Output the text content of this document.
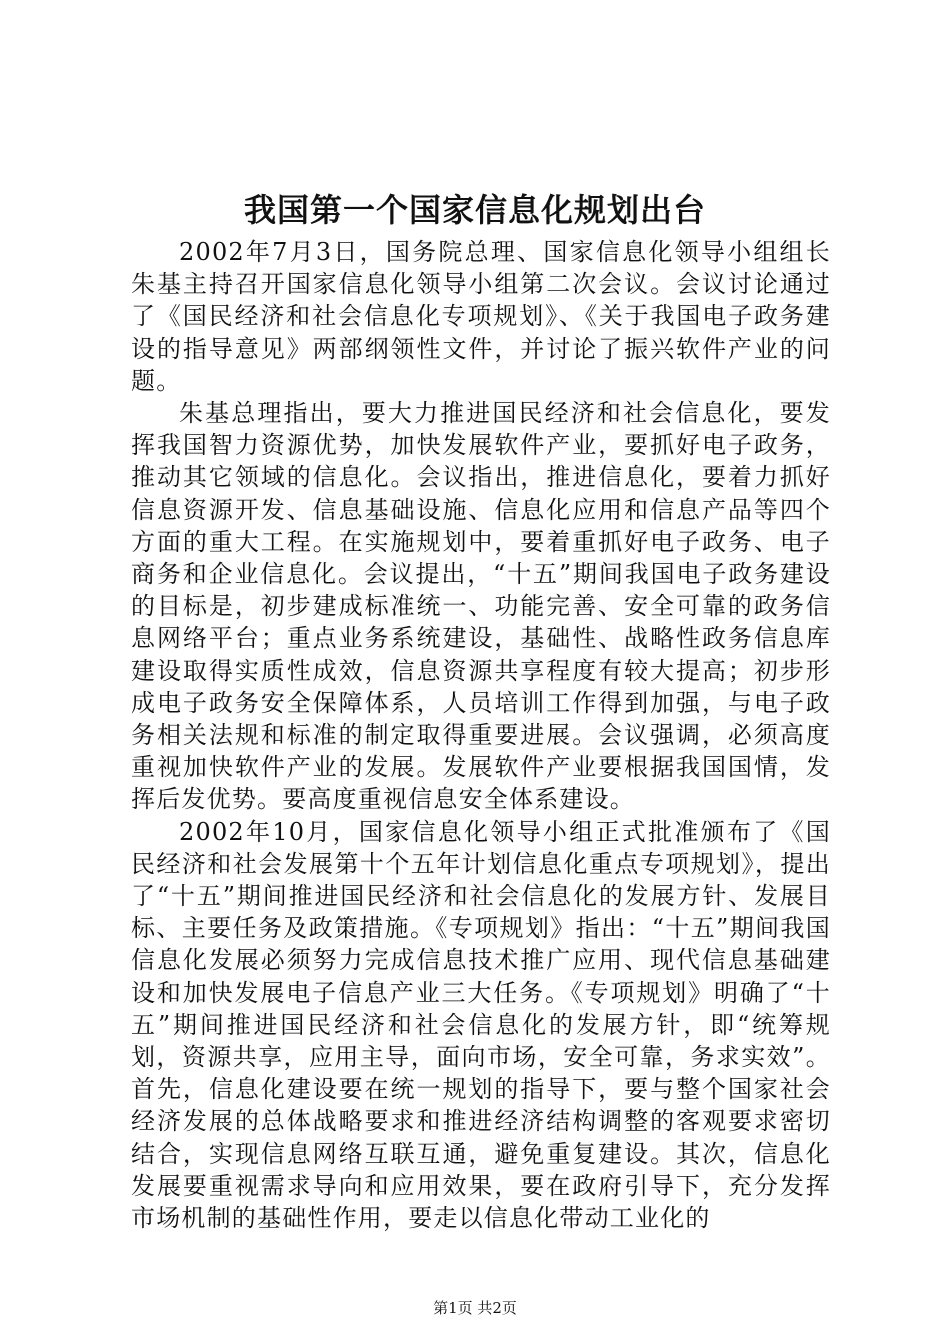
我国第一个国家信息化规划出台

2002年7月3日，国务院总理、国家信息化领导小组组长朱基主持召开国家信息化领导小组第二次会议。会议讨论通过了《国民经济和社会信息化专项规划》、《关于我国电子政务建设的指导意见》两部纲领性文件，并讨论了振兴软件产业的问题。

朱基总理指出，要大力推进国民经济和社会信息化，要发挥我国智力资源优势，加快发展软件产业，要抓好电子政务，推动其它领域的信息化。会议指出，推进信息化，要着力抓好信息资源开发、信息基础设施、信息化应用和信息产品等四个方面的重大工程。在实施规划中，要着重抓好电子政务、电子商务和企业信息化。会议提出，“十五”期间我国电子政务建设的目标是，初步建成标准统一、功能完善、安全可靠的政务信息网络平台；重点业务系统建设，基础性、战略性政务信息库建设取得实质性成效，信息资源共享程度有较大提高；初步形成电子政务安全保障体系，人员培训工作得到加强，与电子政务相关法规和标准的制定取得重要进展。会议强调，必须高度重视加快软件产业的发展。发展软件产业要根据我国国情，发挥后发优势。要高度重视信息安全体系建设。

2002年10月，国家信息化领导小组正式批准颁布了《国民经济和社会发展第十个五年计划信息化重点专项规划》，提出了“十五”期间推进国民经济和社会信息化的发展方针、发展目标、主要任务及政策措施。《专项规划》指出：“十五”期间我国信息化发展必须努力完成信息技术推广应用、现代信息基础建设和加快发展电子信息产业三大任务。《专项规划》明确了“十五”期间推进国民经济和社会信息化的发展方针，即“统筹规划，资源共享，应用主导，面向市场，安全可靠，务求实效”。首先，信息化建设要在统一规划的指导下，要与整个国家社会经济发展的总体战略要求和推进经济结构调整的客观要求密切结合，实现信息网络互联互通，避免重复建设。其次，信息化发展要重视需求导向和应用效果，要在政府引导下，充分发挥市场机制的基础性作用，要走以信息化带动工业化的

第1页 共2页
